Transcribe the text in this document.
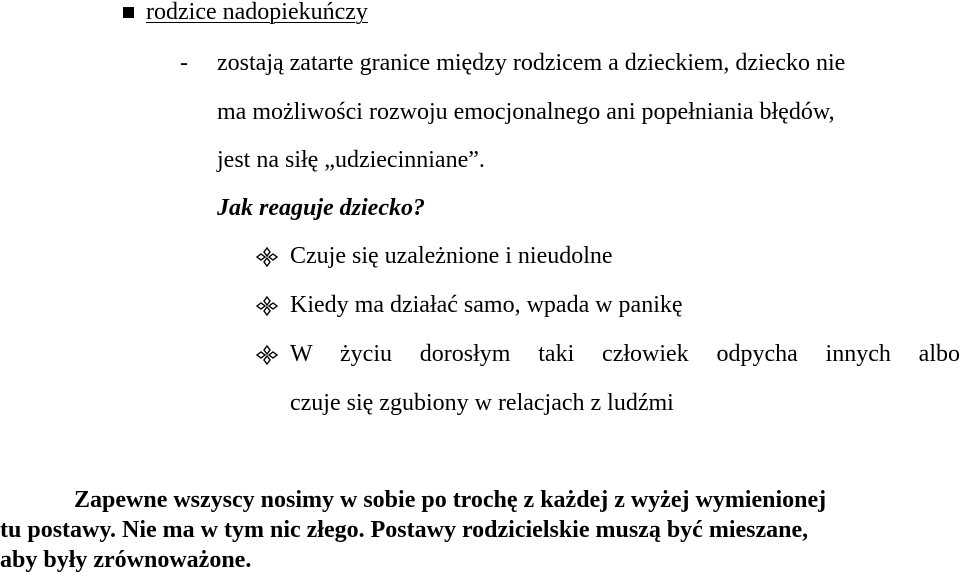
rodzice nadopiekuńczy
- zostają zatarte granice między rodzicem a dzieckiem, dziecko nie
ma możliwości rozwoju emocjonalnego ani popełniania błędów,
jest na siłę „udziecinniane”.
Jak reaguje dziecko?
Czuje się uzależnione i nieudolne
Kiedy ma działać samo, wpada w panikę
W życiu dorosłym taki człowiek odpycha innych albo
czuje się zgubiony w relacjach z ludźmi
Zapewne wszyscy nosimy w sobie po trochę z każdej z wyżej wymienionej
tu postawy. Nie ma w tym nic złego. Postawy rodzicielskie muszą być mieszane,
aby były zrównoważone.
